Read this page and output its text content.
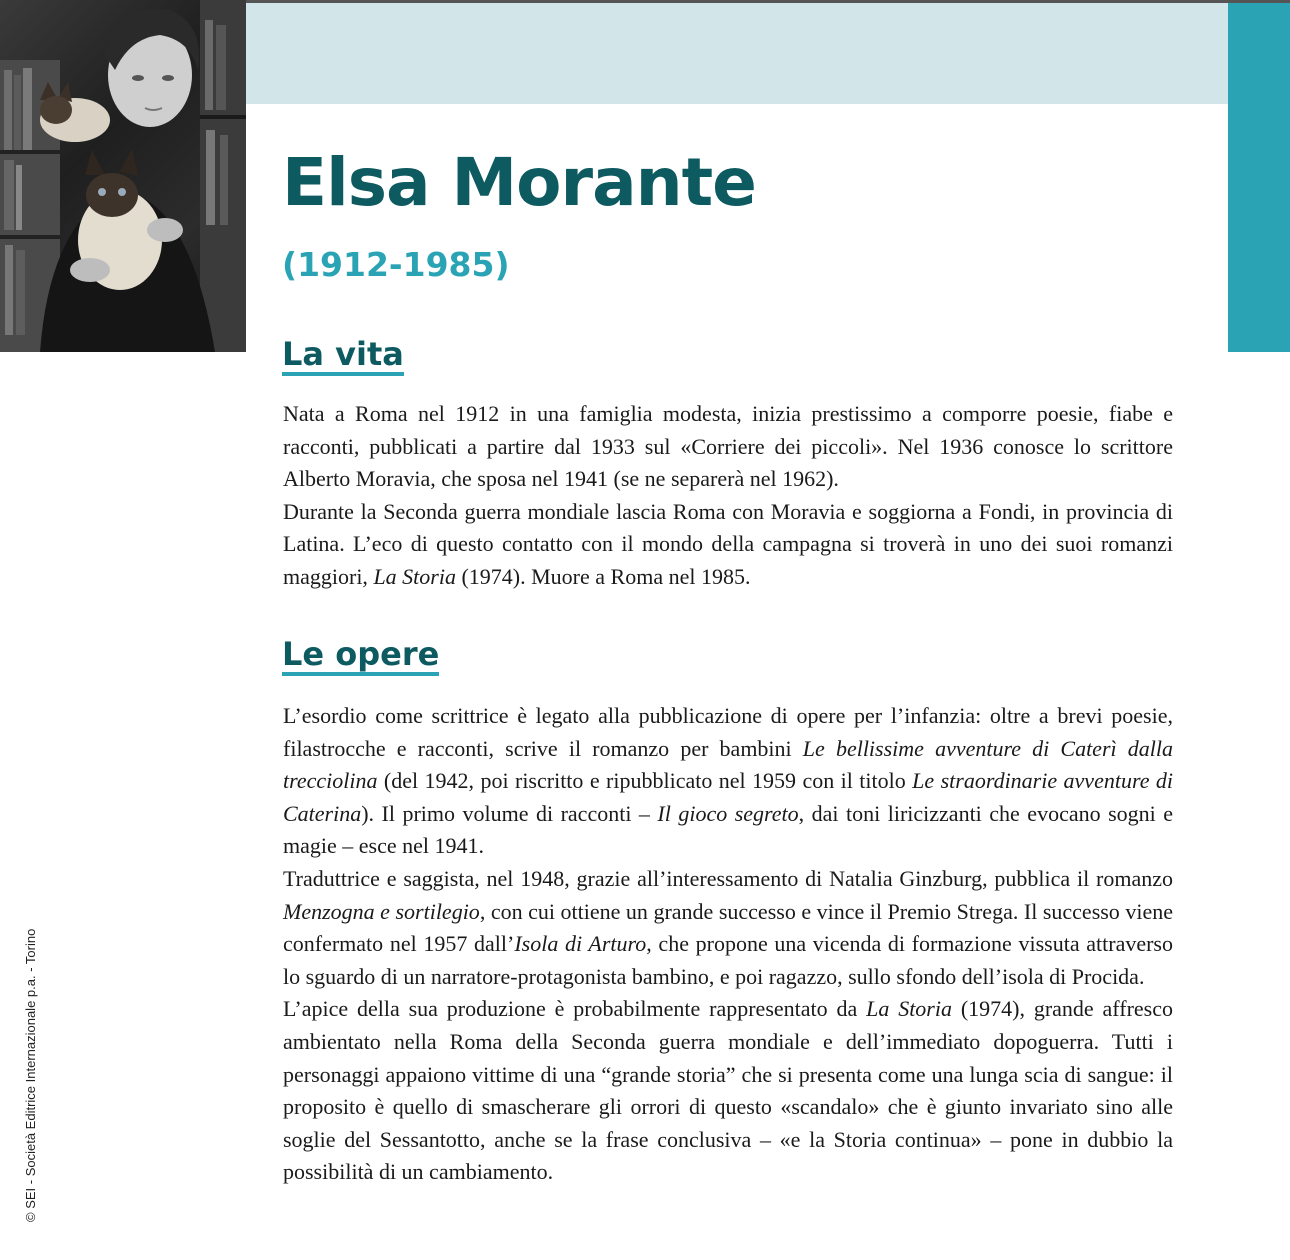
Elsa Morante
(1912-1985)
La vita
Nata a Roma nel 1912 in una famiglia modesta, inizia prestissimo a comporre poesie, fiabe e racconti, pubblicati a partire dal 1933 sul «Corriere dei piccoli». Nel 1936 conosce lo scrittore Alberto Moravia, che sposa nel 1941 (se ne separerà nel 1962).
Durante la Seconda guerra mondiale lascia Roma con Moravia e soggiorna a Fondi, in provincia di Latina. L’eco di questo contatto con il mondo della campagna si troverà in uno dei suoi romanzi maggiori, La Storia (1974). Muore a Roma nel 1985.
Le opere
L’esordio come scrittrice è legato alla pubblicazione di opere per l’infanzia: oltre a brevi poesie, filastrocche e racconti, scrive il romanzo per bambini Le bellissime avventure di Caterì dalla trecciolina (del 1942, poi riscritto e ripubblicato nel 1959 con il titolo Le straordinarie avventure di Caterina). Il primo volume di racconti – Il gioco segreto, dai toni liricizzanti che evocano sogni e magie – esce nel 1941.
Traduttrice e saggista, nel 1948, grazie all’interessamento di Natalia Ginzburg, pubblica il romanzo Menzogna e sortilegio, con cui ottiene un grande successo e vince il Premio Strega. Il successo viene confermato nel 1957 dall’Isola di Arturo, che propone una vicenda di formazione vissuta attraverso lo sguardo di un narratore-protagonista bambino, e poi ragazzo, sullo sfondo dell’isola di Procida.
L’apice della sua produzione è probabilmente rappresentato da La Storia (1974), grande affresco ambientato nella Roma della Seconda guerra mondiale e dell’immediato dopoguerra. Tutti i personaggi appaiono vittime di una “grande storia” che si presenta come una lunga scia di sangue: il proposito è quello di smascherare gli orrori di questo «scandalo» che è giunto invariato sino alle soglie del Sessantotto, anche se la frase conclusiva – «e la Storia continua» – pone in dubbio la possibilità di un cambiamento.
© SEI - Società Editrice Internazionale p.a. - Torino
